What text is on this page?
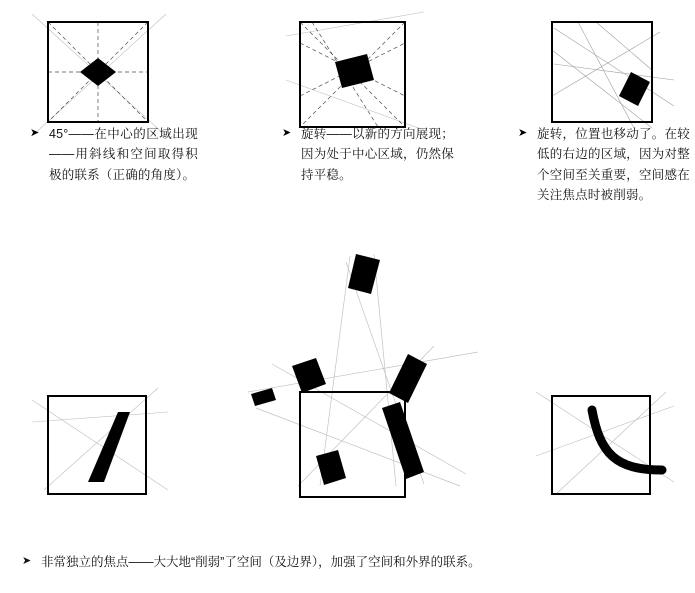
➤ 45°——在中心的区域出现——用斜线和空间取得积极的联系（正确的角度）。
➤ 旋转——以新的方向展现；因为处于中心区域，仍然保持平稳。
➤ 旋转，位置也移动了。在较低的右边的区域，因为对整个空间至关重要，空间感在关注焦点时被削弱。
➤ 非常独立的焦点——大大地“削弱”了空间（及边界），加强了空间和外界的联系。
